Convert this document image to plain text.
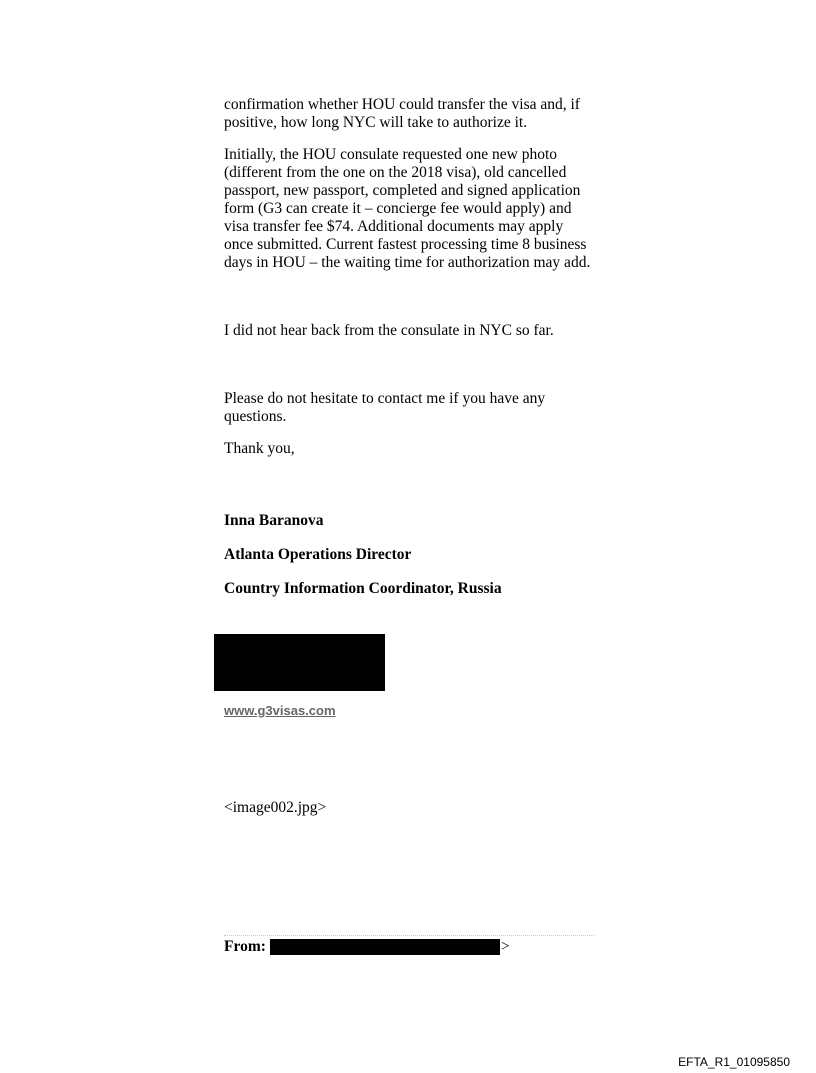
confirmation whether HOU could transfer the visa and, if positive, how long NYC will take to authorize it.

Initially, the HOU consulate requested one new photo (different from the one on the 2018 visa), old cancelled passport, new passport, completed and signed application form (G3 can create it – concierge fee would apply) and visa transfer fee $74. Additional documents may apply once submitted. Current fastest processing time 8 business days in HOU – the waiting time for authorization may add.

I did not hear back from the consulate in NYC so far.

Please do not hesitate to contact me if you have any questions.

Thank you,

Inna Baranova

Atlanta Operations Director

Country Information Coordinator, Russia

www.g3visas.com
<image002.jpg>
From:	>
EFTA_R1_01095850
